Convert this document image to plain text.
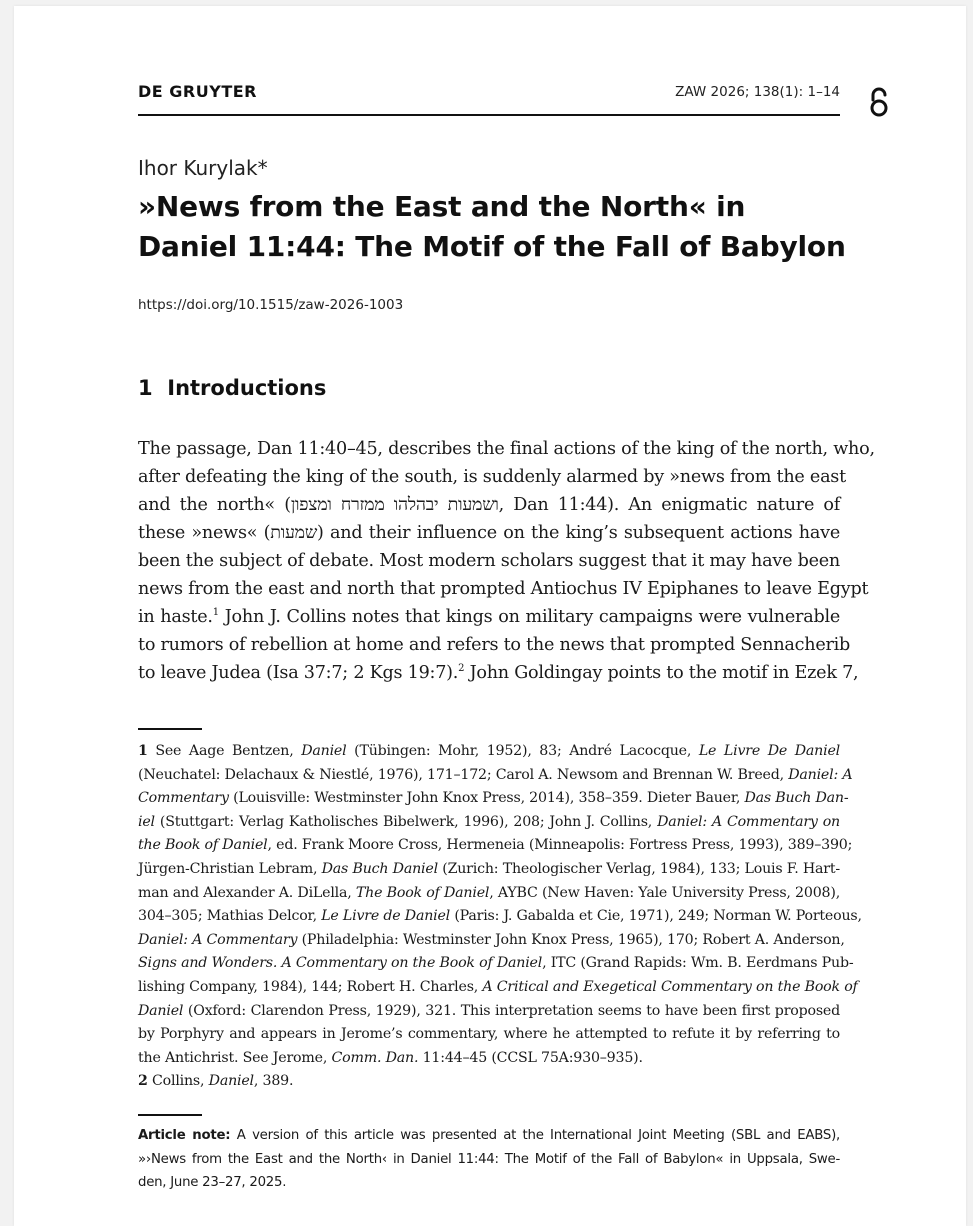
DE GRUYTER	ZAW 2026; 138(1): 1–14
Ihor Kurylak*
»News from the East and the North« in
Daniel 11:44: The Motif of the Fall of Babylon
https://doi.org/10.1515/zaw-2026-1003
1 Introductions
The passage, Dan 11:40–45, describes the final actions of the king of the north, who,
after defeating the king of the south, is suddenly alarmed by »news from the east
and the north« (ושמעות יבהלהו ממזרח ומצפון, Dan 11:44). An enigmatic nature of
these »news« (שמעות) and their influence on the king’s subsequent actions have
been the subject of debate. Most modern scholars suggest that it may have been
news from the east and north that prompted Antiochus IV Epiphanes to leave Egypt
in haste.$^1$ John J. Collins notes that kings on military campaigns were vulnerable
to rumors of rebellion at home and refers to the news that prompted Sennacherib
to leave Judea (Isa 37:7; 2 Kgs 19:7).$^2$ John Goldingay points to the motif in Ezek 7,
1 See Aage Bentzen, Daniel (Tübingen: Mohr, 1952), 83; André Lacocque, Le Livre De Daniel
(Neuchatel: Delachaux & Niestlé, 1976), 171–172; Carol A. Newsom and Brennan W. Breed, Daniel: A
Commentary (Louisville: Westminster John Knox Press, 2014), 358–359. Dieter Bauer, Das Buch Dan-
iel (Stuttgart: Verlag Katholisches Bibelwerk, 1996), 208; John J. Collins, Daniel: A Commentary on
the Book of Daniel, ed. Frank Moore Cross, Hermeneia (Minneapolis: Fortress Press, 1993), 389–390;
Jürgen-Christian Lebram, Das Buch Daniel (Zurich: Theologischer Verlag, 1984), 133; Louis F. Hart-
man and Alexander A. DiLella, The Book of Daniel, AYBC (New Haven: Yale University Press, 2008),
304–305; Mathias Delcor, Le Livre de Daniel (Paris: J. Gabalda et Cie, 1971), 249; Norman W. Porteous,
Daniel: A Commentary (Philadelphia: Westminster John Knox Press, 1965), 170; Robert A. Anderson,
Signs and Wonders. A Commentary on the Book of Daniel, ITC (Grand Rapids: Wm. B. Eerdmans Pub-
lishing Company, 1984), 144; Robert H. Charles, A Critical and Exegetical Commentary on the Book of
Daniel (Oxford: Clarendon Press, 1929), 321. This interpretation seems to have been first proposed
by Porphyry and appears in Jerome’s commentary, where he attempted to refute it by referring to
the Antichrist. See Jerome, Comm. Dan. 11:44–45 (CCSL 75A:930–935).
2 Collins, Daniel, 389.
Article note: A version of this article was presented at the International Joint Meeting (SBL and EABS),
»›News from the East and the North‹ in Daniel 11:44: The Motif of the Fall of Babylon« in Uppsala, Swe-
den, June 23–27, 2025.
